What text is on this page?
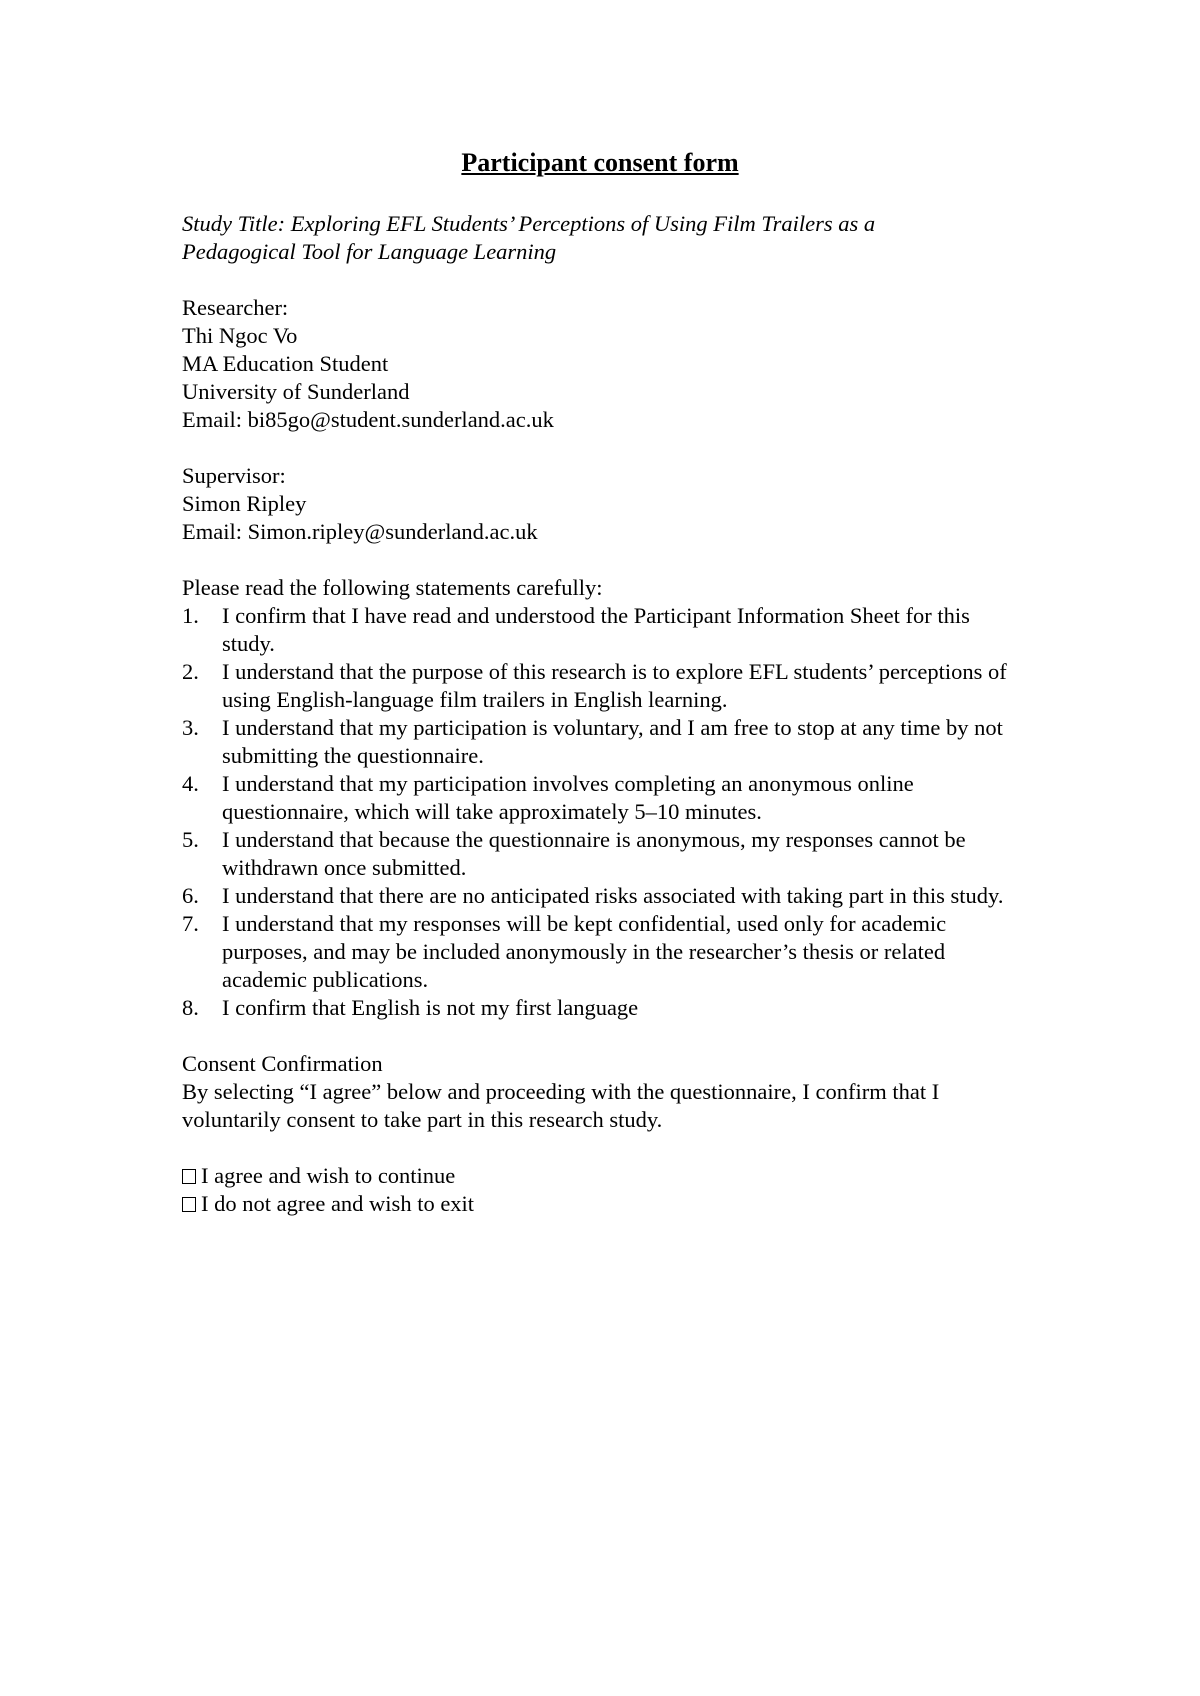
Participant consent form

Study Title: Exploring EFL Students’ Perceptions of Using Film Trailers as a Pedagogical Tool for Language Learning

Researcher:
Thi Ngoc Vo
MA Education Student
University of Sunderland
Email: bi85go@student.sunderland.ac.uk
Supervisor:
Simon Ripley
Email: Simon.ripley@sunderland.ac.uk
Please read the following statements carefully:
1. I confirm that I have read and understood the Participant Information Sheet for this study.
2. I understand that the purpose of this research is to explore EFL students’ perceptions of using English-language film trailers in English learning.
3. I understand that my participation is voluntary, and I am free to stop at any time by not submitting the questionnaire.
4. I understand that my participation involves completing an anonymous online questionnaire, which will take approximately 5–10 minutes.
5. I understand that because the questionnaire is anonymous, my responses cannot be withdrawn once submitted.
6. I understand that there are no anticipated risks associated with taking part in this study.
7. I understand that my responses will be kept confidential, used only for academic purposes, and may be included anonymously in the researcher’s thesis or related academic publications.
8. I confirm that English is not my first language
Consent Confirmation
By selecting “I agree” below and proceeding with the questionnaire, I confirm that I voluntarily consent to take part in this research study.
I agree and wish to continue
I do not agree and wish to exit
